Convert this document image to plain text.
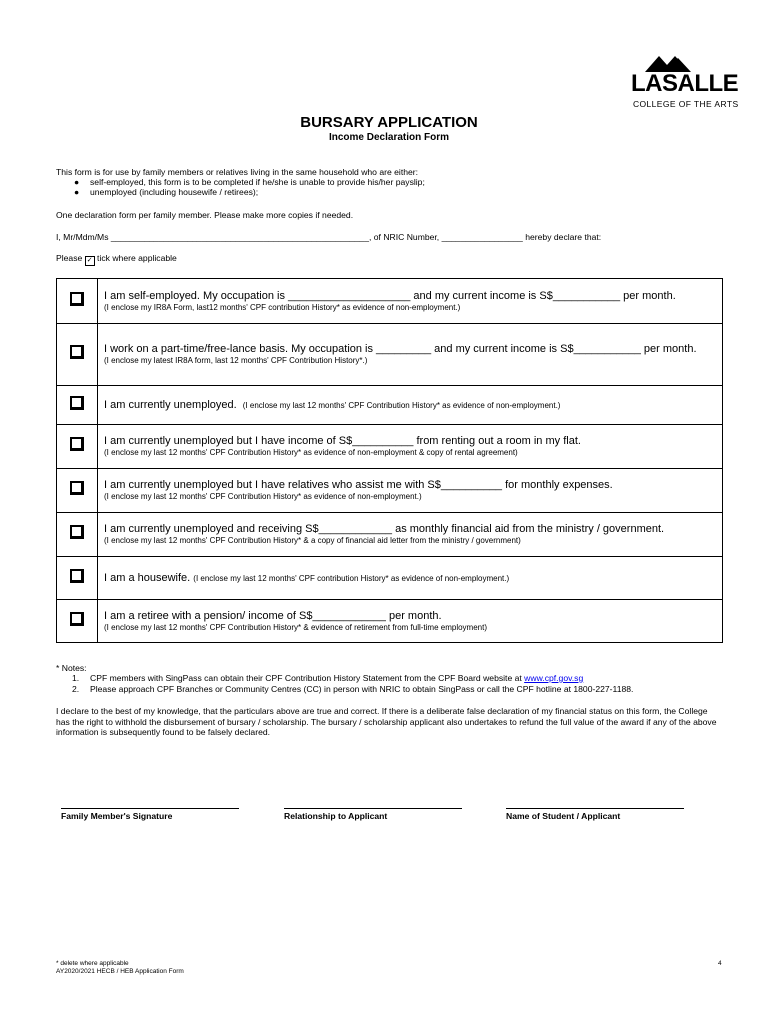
LASALLE
COLLEGE OF THE ARTS
BURSARY APPLICATION
Income Declaration Form
This form is for use by family members or relatives living in the same household who are either:
● self-employed, this form is to be completed if he/she is unable to provide his/her payslip;
● unemployed (including housewife / retirees);
One declaration form per family member. Please make more copies if needed.
I, Mr/Mdm/Ms ______________________________________________________, of NRIC Number, _________________ hereby declare that:
Please ✓ tick where applicable

	I am self-employed. My occupation is ____________________ and my current income is S$___________ per month.
(I enclose my IR8A Form, last12 months' CPF contribution History* as evidence of non-employment.)

	I work on a part-time/free-lance basis. My occupation is _________ and my current income is S$___________ per month.
(I enclose my latest IR8A form, last 12 months' CPF Contribution History*.)

	I am currently unemployed. (I enclose my last 12 months' CPF Contribution History* as evidence of non-employment.)

	I am currently unemployed but I have income of S$__________ from renting out a room in my flat.
(I enclose my last 12 months' CPF Contribution History* as evidence of non-employment & copy of rental agreement)

	I am currently unemployed but I have relatives who assist me with S$__________ for monthly expenses.
(I enclose my last 12 months' CPF Contribution History* as evidence of non-employment.)

	I am currently unemployed and receiving S$____________ as monthly financial aid from the ministry / government.
(I enclose my last 12 months' CPF Contribution History* & a copy of financial aid letter from the ministry / government)

	I am a housewife. (I enclose my last 12 months' CPF contribution History* as evidence of non-employment.)

	I am a retiree with a pension/ income of S$____________ per month.
(I enclose my last 12 months' CPF Contribution History* & evidence of retirement from full-time employment)
* Notes:
1. CPF members with SingPass can obtain their CPF Contribution History Statement from the CPF Board website at www.cpf.gov.sg
2. Please approach CPF Branches or Community Centres (CC) in person with NRIC to obtain SingPass or call the CPF hotline at 1800-227-1188.
I declare to the best of my knowledge, that the particulars above are true and correct. If there is a deliberate false declaration of my financial status on this form, the College has the right to withhold the disbursement of bursary / scholarship. The bursary / scholarship applicant also undertakes to refund the full value of the award if any of the above information is subsequently found to be falsely declared.
Family Member's Signature	Relationship to Applicant	Name of Student / Applicant
* delete where applicable
AY2020/2021 HECB / HEB Application Form
4
